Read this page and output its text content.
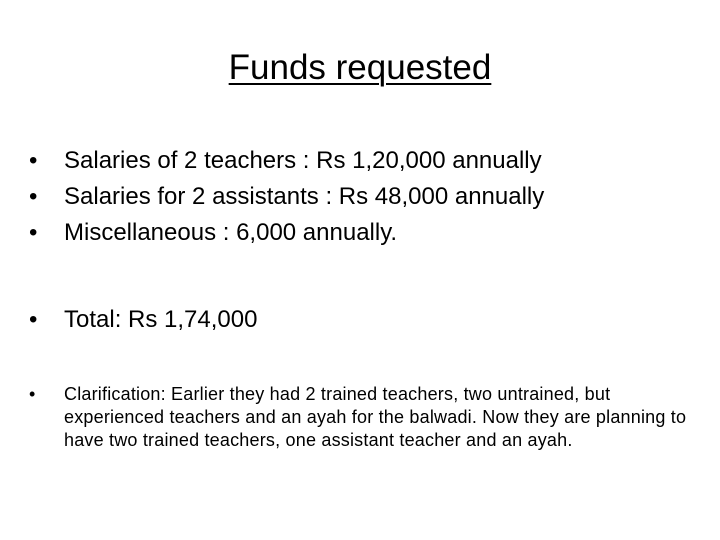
Funds requested
• Salaries of 2 teachers : Rs 1,20,000 annually
• Salaries for 2 assistants : Rs 48,000 annually
• Miscellaneous : 6,000 annually.
• Total: Rs 1,74,000
• Clarification: Earlier they had 2 trained teachers, two untrained, but experienced teachers and an ayah for the balwadi. Now they are planning to have two trained teachers, one assistant teacher and an ayah.
